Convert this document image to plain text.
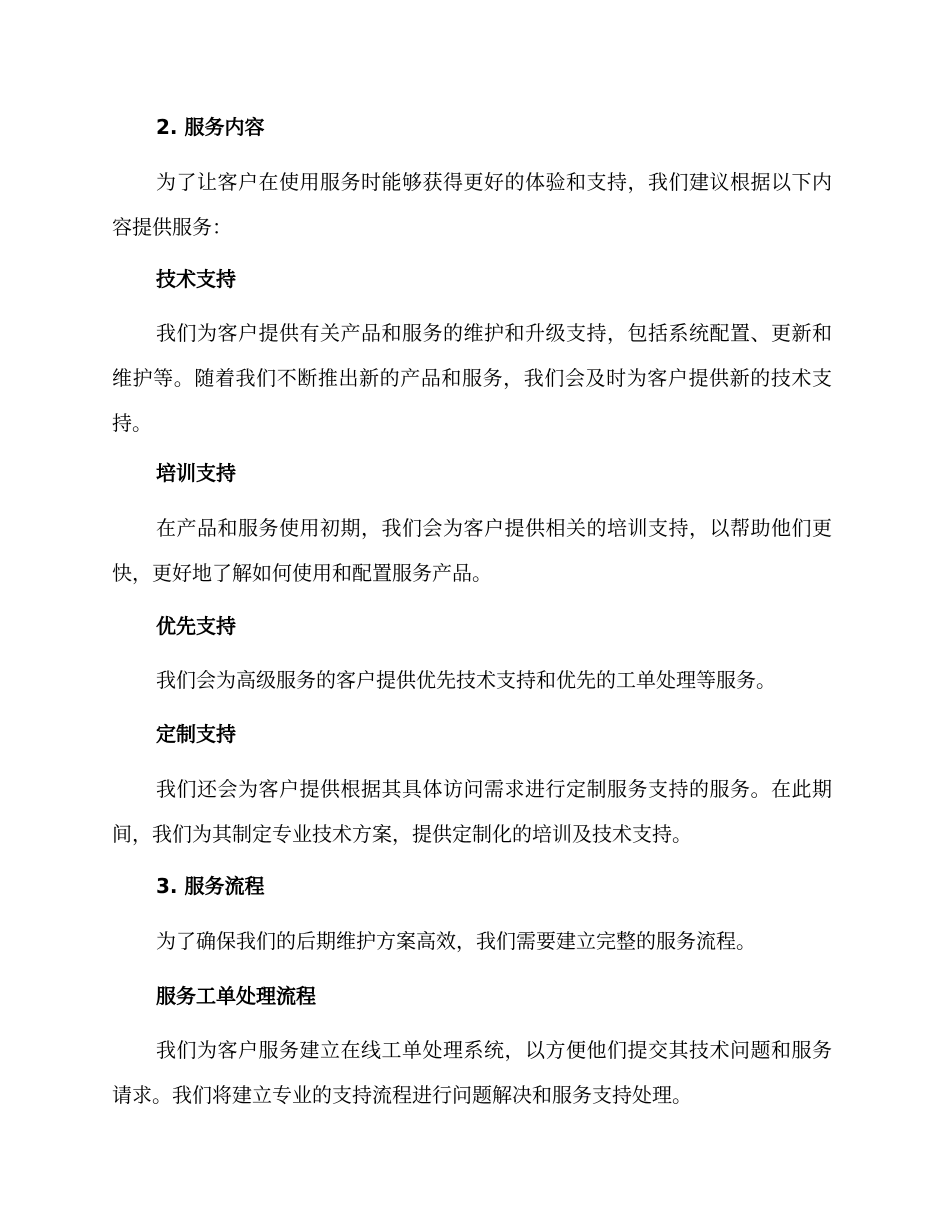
2. 服务内容

为了让客户在使用服务时能够获得更好的体验和支持，我们建议根据以下内容提供服务：

技术支持

我们为客户提供有关产品和服务的维护和升级支持，包括系统配置、更新和维护等。随着我们不断推出新的产品和服务，我们会及时为客户提供新的技术支持。

培训支持

在产品和服务使用初期，我们会为客户提供相关的培训支持，以帮助他们更快，更好地了解如何使用和配置服务产品。

优先支持

我们会为高级服务的客户提供优先技术支持和优先的工单处理等服务。

定制支持

我们还会为客户提供根据其具体访问需求进行定制服务支持的服务。在此期间，我们为其制定专业技术方案，提供定制化的培训及技术支持。

3. 服务流程

为了确保我们的后期维护方案高效，我们需要建立完整的服务流程。

服务工单处理流程

我们为客户服务建立在线工单处理系统，以方便他们提交其技术问题和服务请求。我们将建立专业的支持流程进行问题解决和服务支持处理。
